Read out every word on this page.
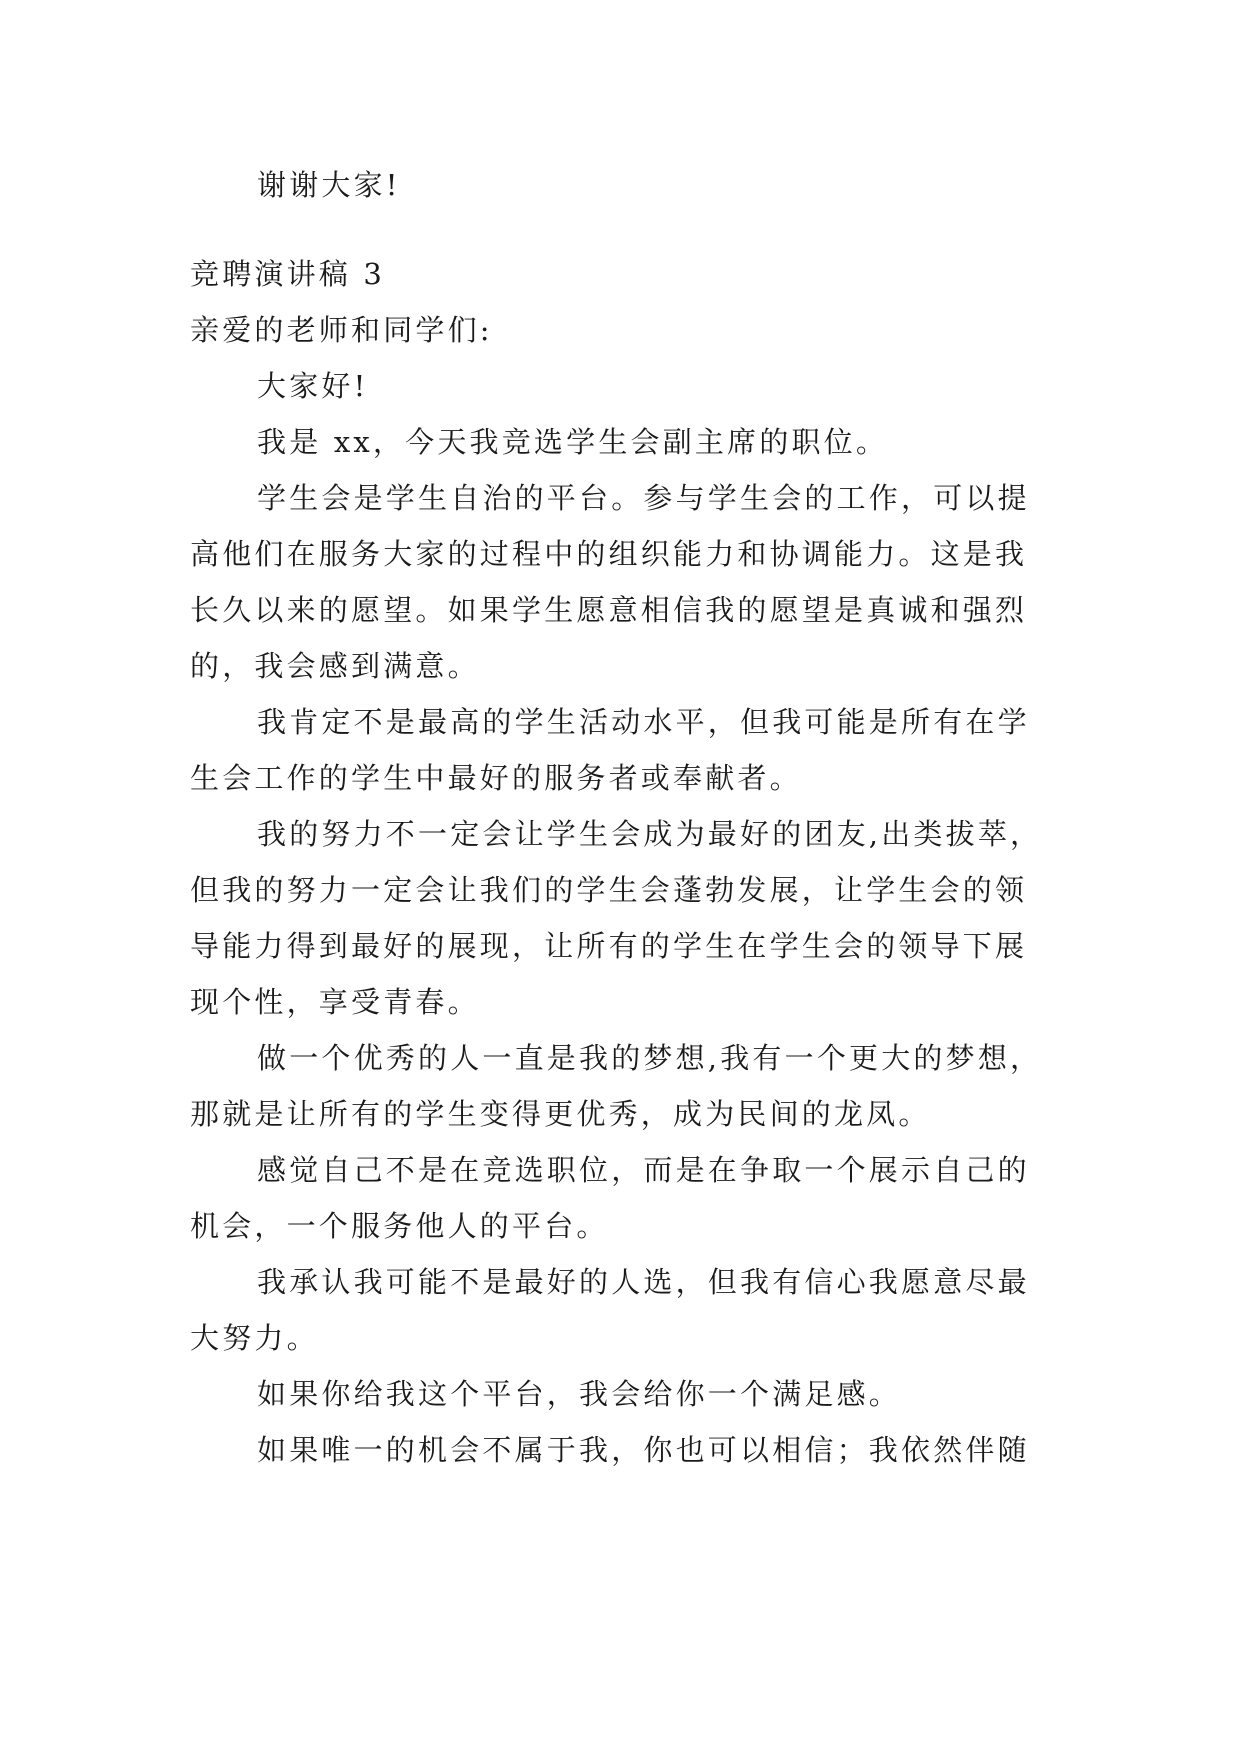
谢谢大家!
竞聘演讲稿 3
亲爱的老师和同学们:
大家好!
我是 xx，今天我竞选学生会副主席的职位。
学生会是学生自治的平台。参与学生会的工作，可以提
高他们在服务大家的过程中的组织能力和协调能力。这是我
长久以来的愿望。如果学生愿意相信我的愿望是真诚和强烈
的，我会感到满意。
我肯定不是最高的学生活动水平，但我可能是所有在学
生会工作的学生中最好的服务者或奉献者。
我的努力不一定会让学生会成为最好的团友,出类拔萃，
但我的努力一定会让我们的学生会蓬勃发展，让学生会的领
导能力得到最好的展现，让所有的学生在学生会的领导下展
现个性，享受青春。
做一个优秀的人一直是我的梦想,我有一个更大的梦想，
那就是让所有的学生变得更优秀，成为民间的龙凤。
感觉自己不是在竞选职位，而是在争取一个展示自己的
机会，一个服务他人的平台。
我承认我可能不是最好的人选，但我有信心我愿意尽最
大努力。
如果你给我这个平台，我会给你一个满足感。
如果唯一的机会不属于我，你也可以相信；我依然伴随
